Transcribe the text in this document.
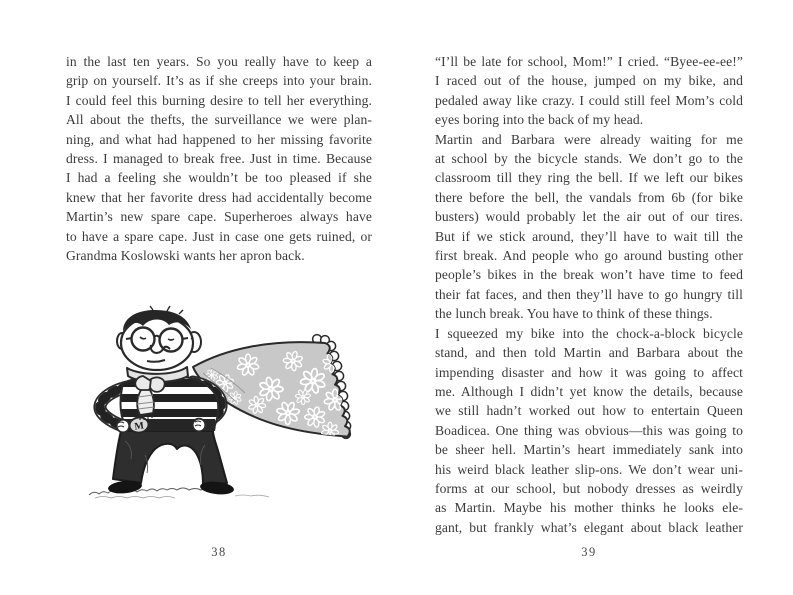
in the last ten years. So you really have to keep a
grip on yourself. It’s as if she creeps into your brain.
I could feel this burning desire to tell her everything.
All about the thefts, the surveillance we were plan-
ning, and what had happened to her missing favorite
dress. I managed to break free. Just in time. Because
I had a feeling she wouldn’t be too pleased if she
knew that her favorite dress had accidentally become
Martin’s new spare cape. Superheroes always have
to have a spare cape. Just in case one gets ruined, or
Grandma Koslowski wants her apron back.
M
38
“I’ll be late for school, Mom!” I cried. “Byee-ee-ee!”
I raced out of the house, jumped on my bike, and
pedaled away like crazy. I could still feel Mom’s cold
eyes boring into the back of my head.
Martin and Barbara were already waiting for me
at school by the bicycle stands. We don’t go to the
classroom till they ring the bell. If we left our bikes
there before the bell, the vandals from 6b (for bike
busters) would probably let the air out of our tires.
But if we stick around, they’ll have to wait till the
first break. And people who go around busting other
people’s bikes in the break won’t have time to feed
their fat faces, and then they’ll have to go hungry till
the lunch break. You have to think of these things.
I squeezed my bike into the chock-a-block bicycle
stand, and then told Martin and Barbara about the
impending disaster and how it was going to affect
me. Although I didn’t yet know the details, because
we still hadn’t worked out how to entertain Queen
Boadicea. One thing was obvious—this was going to
be sheer hell. Martin’s heart immediately sank into
his weird black leather slip-ons. We don’t wear uni-
forms at our school, but nobody dresses as weirdly
as Martin. Maybe his mother thinks he looks ele-
gant, but frankly what’s elegant about black leather
39
